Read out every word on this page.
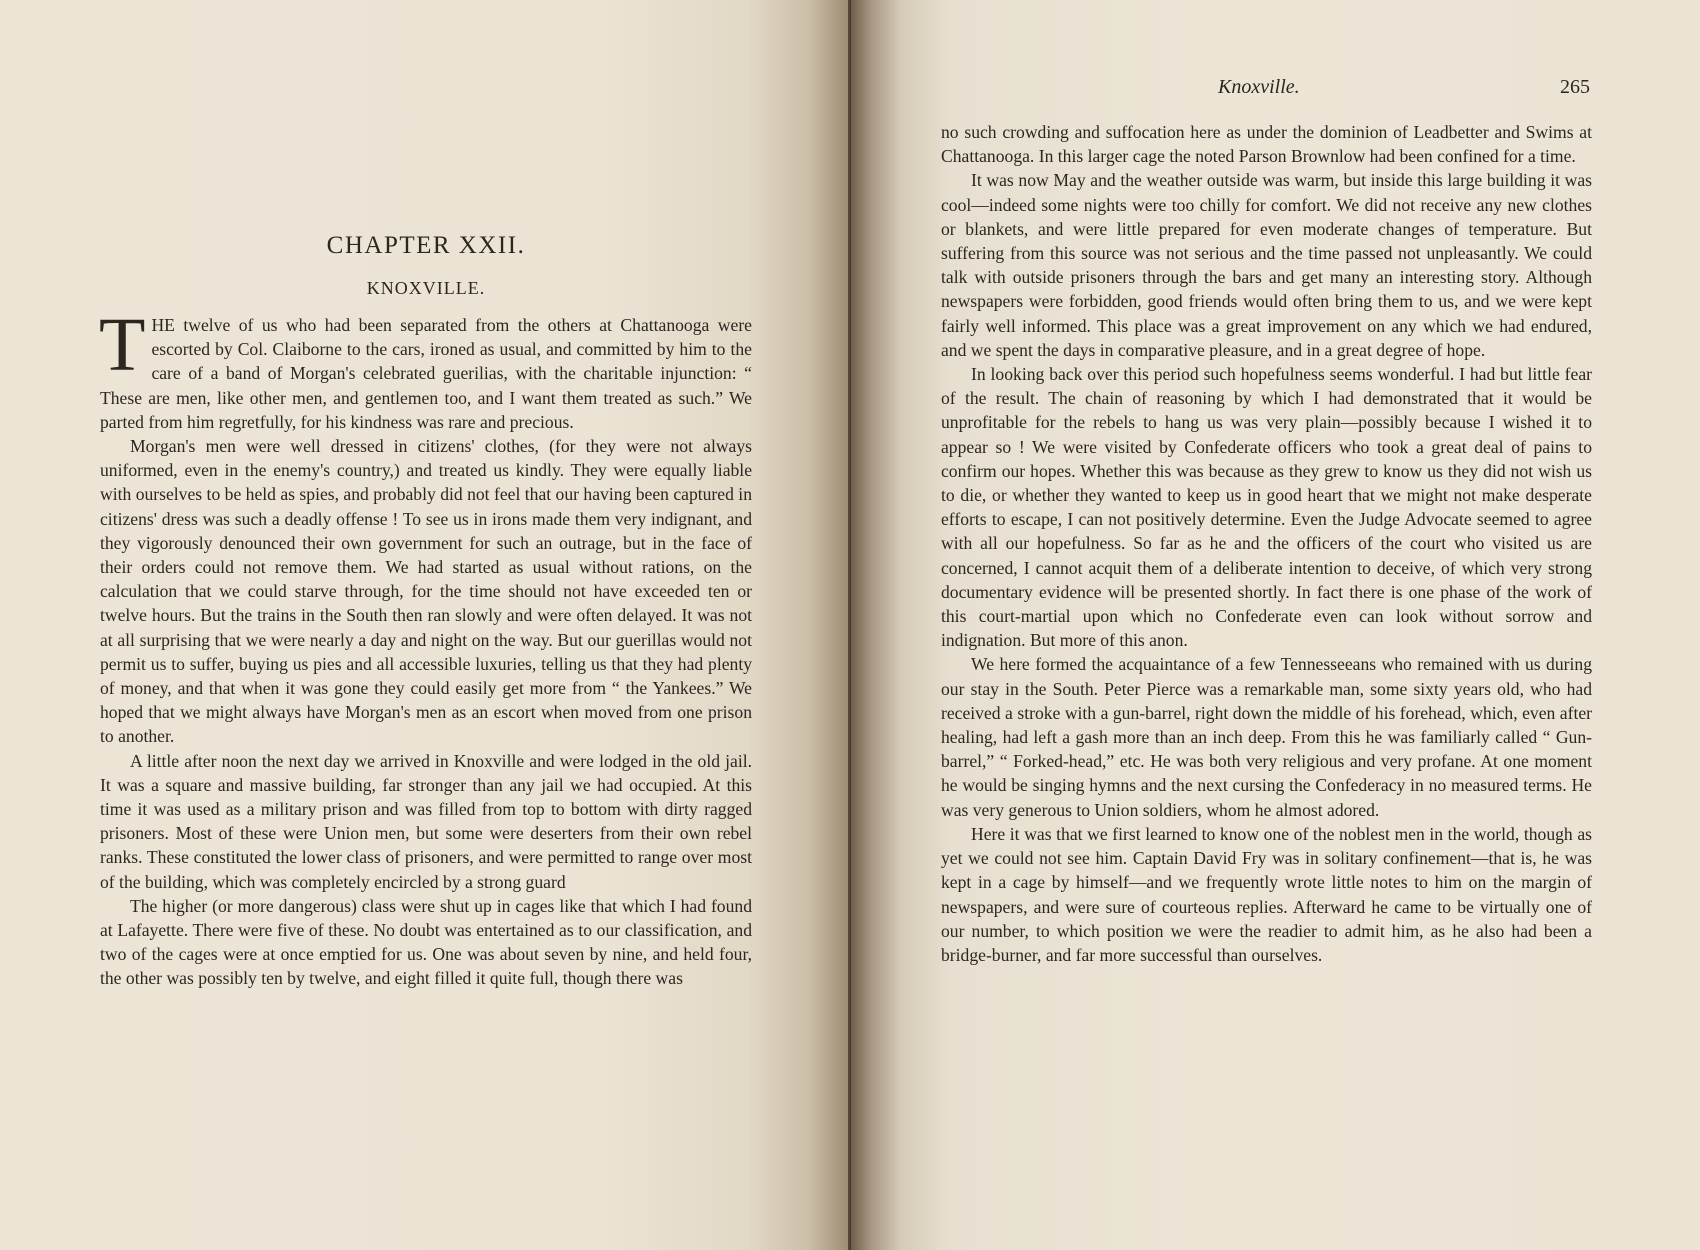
CHAPTER XXII.
KNOXVILLE.

THE twelve of us who had been separated from the others at Chattanooga were escorted by Col. Claiborne to the cars, ironed as usual, and committed by him to the care of a band of Morgan's celebrated guerilias, with the charitable injunction: “ These are men, like other men, and gentlemen too, and I want them treated as such.” We parted from him regretfully, for his kindness was rare and precious.

Morgan's men were well dressed in citizens' clothes, (for they were not always uniformed, even in the enemy's country,) and treated us kindly. They were equally liable with ourselves to be held as spies, and probably did not feel that our having been captured in citizens' dress was such a deadly offense ! To see us in irons made them very indignant, and they vigorously denounced their own government for such an outrage, but in the face of their orders could not remove them. We had started as usual without rations, on the calculation that we could starve through, for the time should not have exceeded ten or twelve hours. But the trains in the South then ran slowly and were often delayed. It was not at all surprising that we were nearly a day and night on the way. But our guerillas would not permit us to suffer, buying us pies and all accessible luxuries, telling us that they had plenty of money, and that when it was gone they could easily get more from “ the Yankees.” We hoped that we might always have Morgan's men as an escort when moved from one prison to another.

A little after noon the next day we arrived in Knoxville and were lodged in the old jail. It was a square and massive building, far stronger than any jail we had occupied. At this time it was used as a military prison and was filled from top to bottom with dirty ragged prisoners. Most of these were Union men, but some were deserters from their own rebel ranks. These constituted the lower class of prisoners, and were permitted to range over most of the building, which was completely encircled by a strong guard

The higher (or more dangerous) class were shut up in cages like that which I had found at Lafayette. There were five of these. No doubt was entertained as to our classification, and two of the cages were at once emptied for us. One was about seven by nine, and held four, the other was possibly ten by twelve, and eight filled it quite full, though there was

Knoxville.	265

no such crowding and suffocation here as under the dominion of Leadbetter and Swims at Chattanooga. In this larger cage the noted Parson Brownlow had been confined for a time.

It was now May and the weather outside was warm, but inside this large building it was cool—indeed some nights were too chilly for comfort. We did not receive any new clothes or blankets, and were little prepared for even moderate changes of temperature. But suffering from this source was not serious and the time passed not unpleasantly. We could talk with outside prisoners through the bars and get many an interesting story. Although newspapers were forbidden, good friends would often bring them to us, and we were kept fairly well informed. This place was a great improvement on any which we had endured, and we spent the days in comparative pleasure, and in a great degree of hope.

In looking back over this period such hopefulness seems wonderful. I had but little fear of the result. The chain of reasoning by which I had demonstrated that it would be unprofitable for the rebels to hang us was very plain—possibly because I wished it to appear so ! We were visited by Confederate officers who took a great deal of pains to confirm our hopes. Whether this was because as they grew to know us they did not wish us to die, or whether they wanted to keep us in good heart that we might not make desperate efforts to escape, I can not positively determine. Even the Judge Advocate seemed to agree with all our hopefulness. So far as he and the officers of the court who visited us are concerned, I cannot acquit them of a deliberate intention to deceive, of which very strong documentary evidence will be presented shortly. In fact there is one phase of the work of this court-martial upon which no Confederate even can look without sorrow and indignation. But more of this anon.

We here formed the acquaintance of a few Tennesseeans who remained with us during our stay in the South. Peter Pierce was a remarkable man, some sixty years old, who had received a stroke with a gun-barrel, right down the middle of his forehead, which, even after healing, had left a gash more than an inch deep. From this he was familiarly called “ Gun-barrel,” “ Forked-head,” etc. He was both very religious and very profane. At one moment he would be singing hymns and the next cursing the Confederacy in no measured terms. He was very generous to Union soldiers, whom he almost adored.

Here it was that we first learned to know one of the noblest men in the world, though as yet we could not see him. Captain David Fry was in solitary confinement—that is, he was kept in a cage by himself—and we frequently wrote little notes to him on the margin of newspapers, and were sure of courteous replies. Afterward he came to be virtually one of our number, to which position we were the readier to admit him, as he also had been a bridge-burner, and far more successful than ourselves.
